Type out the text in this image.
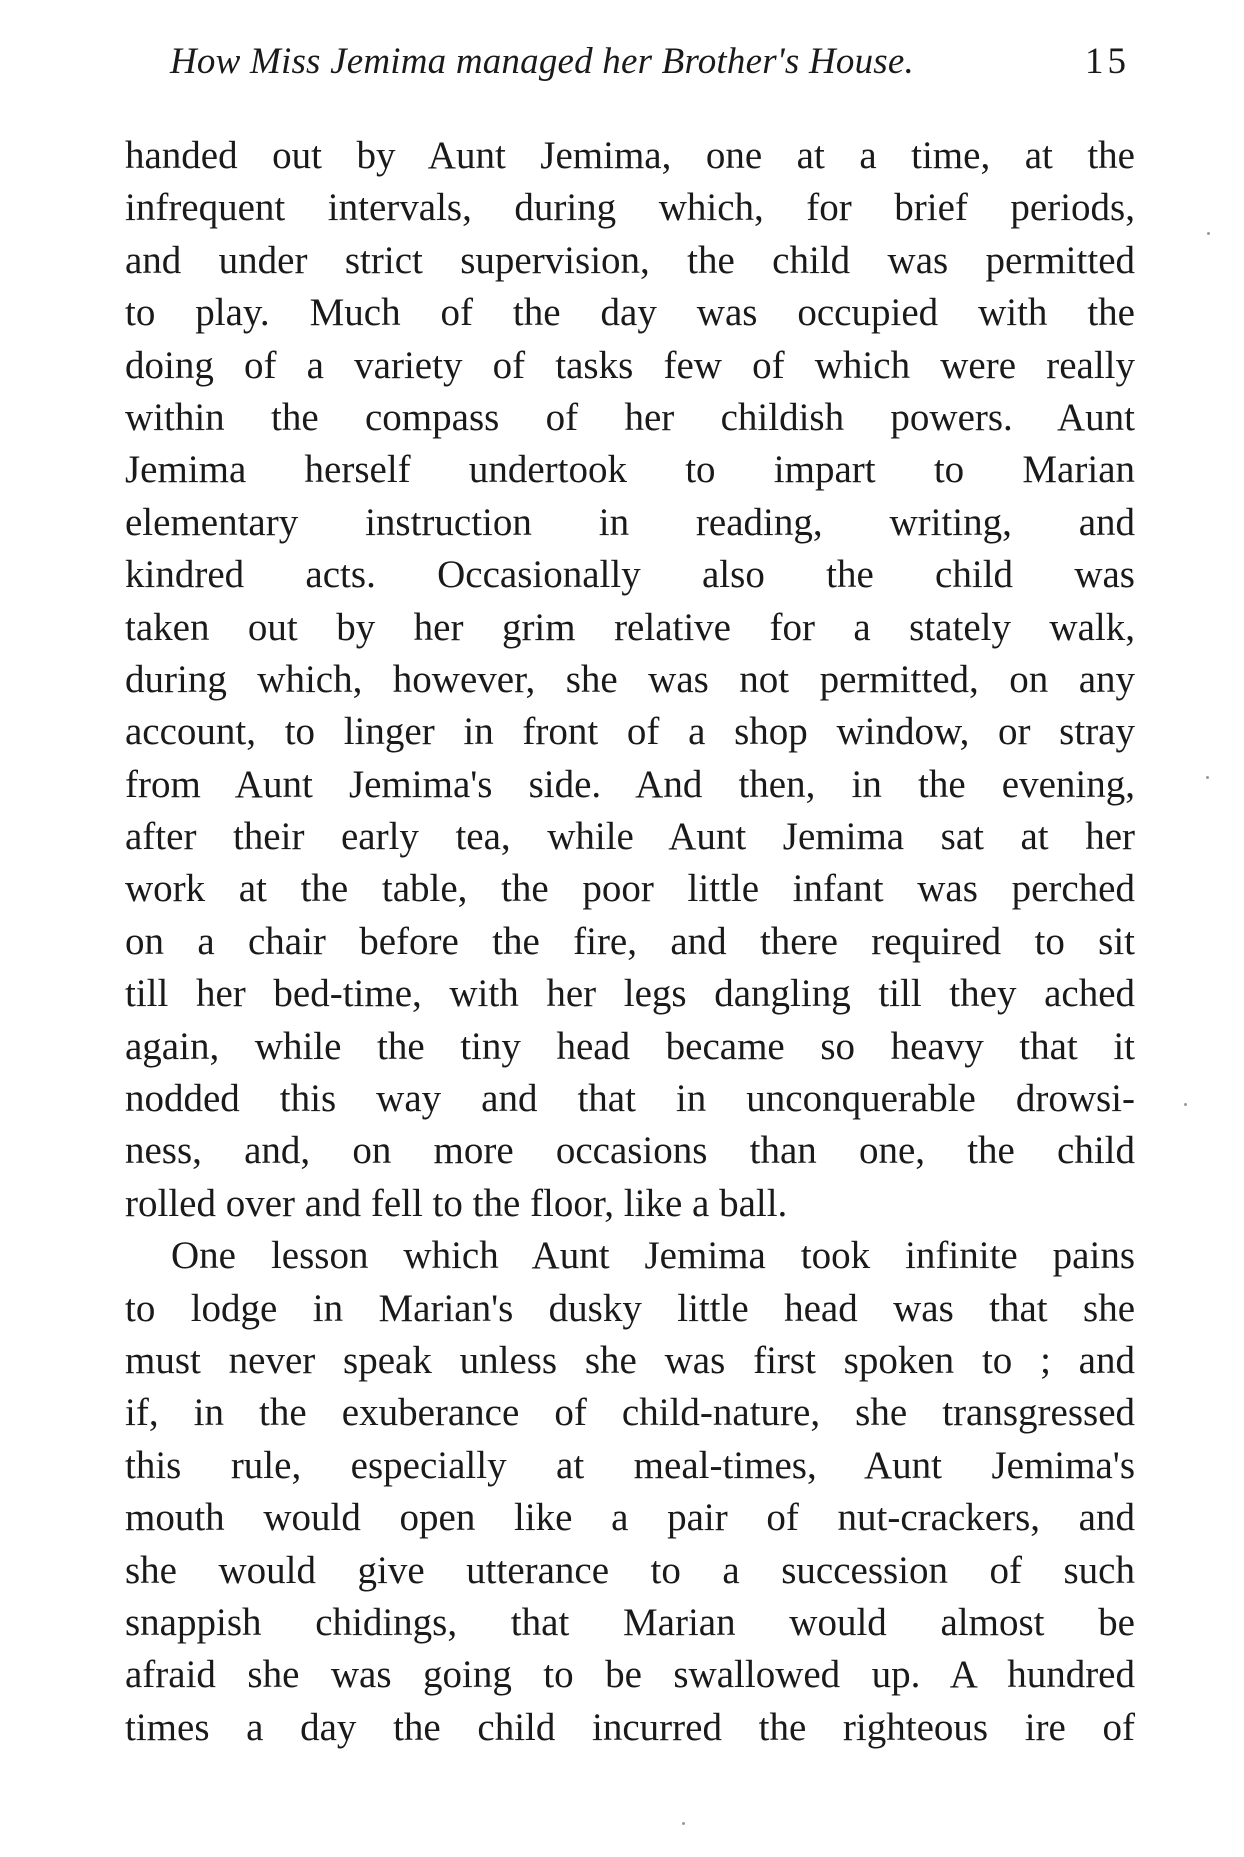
How Miss Jemima managed her Brother's House.	15
handed out by Aunt Jemima, one at a time, at the
infrequent intervals, during which, for brief periods,
and under strict supervision, the child was permitted
to play. Much of the day was occupied with the
doing of a variety of tasks few of which were really
within the compass of her childish powers. Aunt
Jemima herself undertook to impart to Marian
elementary instruction in reading, writing, and
kindred acts. Occasionally also the child was
taken out by her grim relative for a stately walk,
during which, however, she was not permitted, on any
account, to linger in front of a shop window, or stray
from Aunt Jemima's side. And then, in the evening,
after their early tea, while Aunt Jemima sat at her
work at the table, the poor little infant was perched
on a chair before the fire, and there required to sit
till her bed-time, with her legs dangling till they ached
again, while the tiny head became so heavy that it
nodded this way and that in unconquerable drowsi-
ness, and, on more occasions than one, the child
rolled over and fell to the floor, like a ball.
One lesson which Aunt Jemima took infinite pains
to lodge in Marian's dusky little head was that she
must never speak unless she was first spoken to ; and
if, in the exuberance of child-nature, she transgressed
this rule, especially at meal-times, Aunt Jemima's
mouth would open like a pair of nut-crackers, and
she would give utterance to a succession of such
snappish chidings, that Marian would almost be
afraid she was going to be swallowed up. A hundred
times a day the child incurred the righteous ire of
